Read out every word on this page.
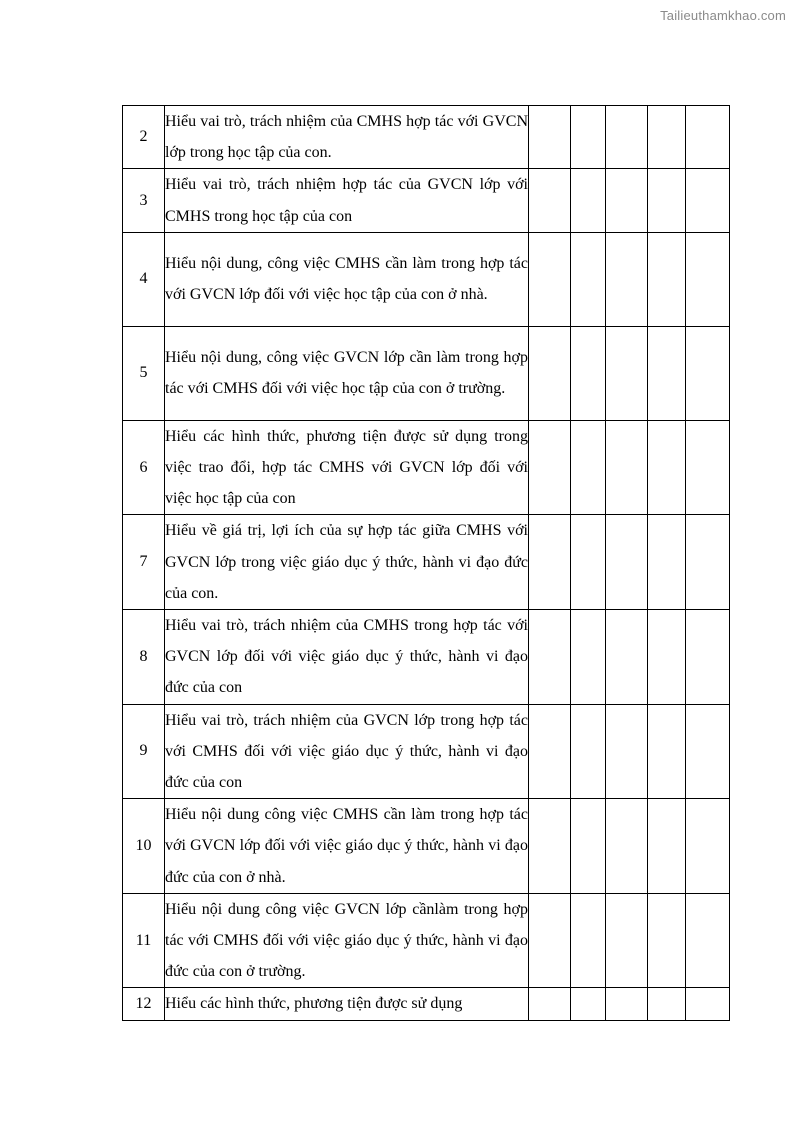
Tailieuthamkhao.com
2	Hiểu vai trò, trách nhiệm của CMHS hợp tác với GVCN lớp trong học tập của con.					

3	Hiểu vai trò, trách nhiệm hợp tác của GVCN lớp với CMHS trong học tập của con					

4	Hiểu nội dung, công việc CMHS cần làm trong hợp tác với GVCN lớp đối với việc học tập của con ở nhà.					

5	Hiểu nội dung, công việc GVCN lớp cần làm trong hợp tác với CMHS đối với việc học tập của con ở trường.					

6	Hiểu các hình thức, phương tiện được sử dụng trong việc trao đổi, hợp tác CMHS với GVCN lớp đối với việc học tập của con					

7	Hiểu về giá trị, lợi ích của sự hợp tác giữa CMHS với GVCN lớp trong việc giáo dục ý thức, hành vi đạo đức của con.					

8	Hiểu vai trò, trách nhiệm của CMHS trong hợp tác với GVCN lớp đối với việc giáo dục ý thức, hành vi đạo đức của con					

9	Hiểu vai trò, trách nhiệm của GVCN lớp trong hợp tác với CMHS đối với việc giáo dục ý thức, hành vi đạo đức của con					

10	Hiểu nội dung công việc CMHS cần làm trong hợp tác với GVCN lớp đối với việc giáo dục ý thức, hành vi đạo đức của con ở nhà.					

11	Hiểu nội dung công việc GVCN lớp cầnlàm trong hợp tác với CMHS đối với việc giáo dục ý thức, hành vi đạo đức của con ở trường.					

12	Hiểu các hình thức, phương tiện được sử dụng					
